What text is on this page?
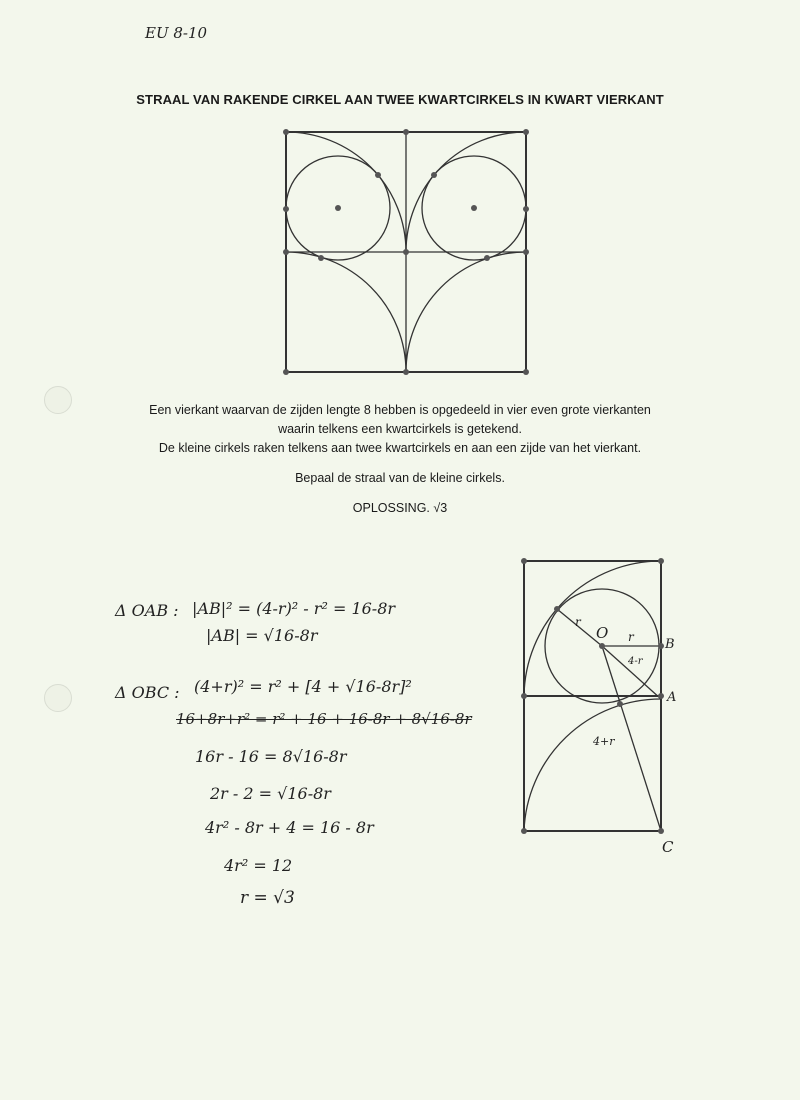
EU 8-10
STRAAL VAN RAKENDE CIRKEL AAN TWEE KWARTCIRKELS IN KWART VIERKANT
Een vierkant waarvan de zijden lengte 8 hebben is opgedeeld in vier even grote vierkanten
waarin telkens een kwartcirkels is getekend.
De kleine cirkels raken telkens aan twee kwartcirkels en aan een zijde van het vierkant.
Bepaal de straal van de kleine cirkels.
OPLOSSING. √3
Δ OAB : |AB|² = (4-r)² - r² = 16-8r
|AB| = √16-8r
Δ OBC : (4+r)² = r² + [4 + √16-8r]²
16+8r+r² = r² + 16 + 16-8r + 8√16-8r
16r - 16 = 8√16-8r
2r - 2 = √16-8r
4r² - 8r + 4 = 16 - 8r
4r² = 12
r = √3
O
A
B
C
r
r
4-r
4+r
